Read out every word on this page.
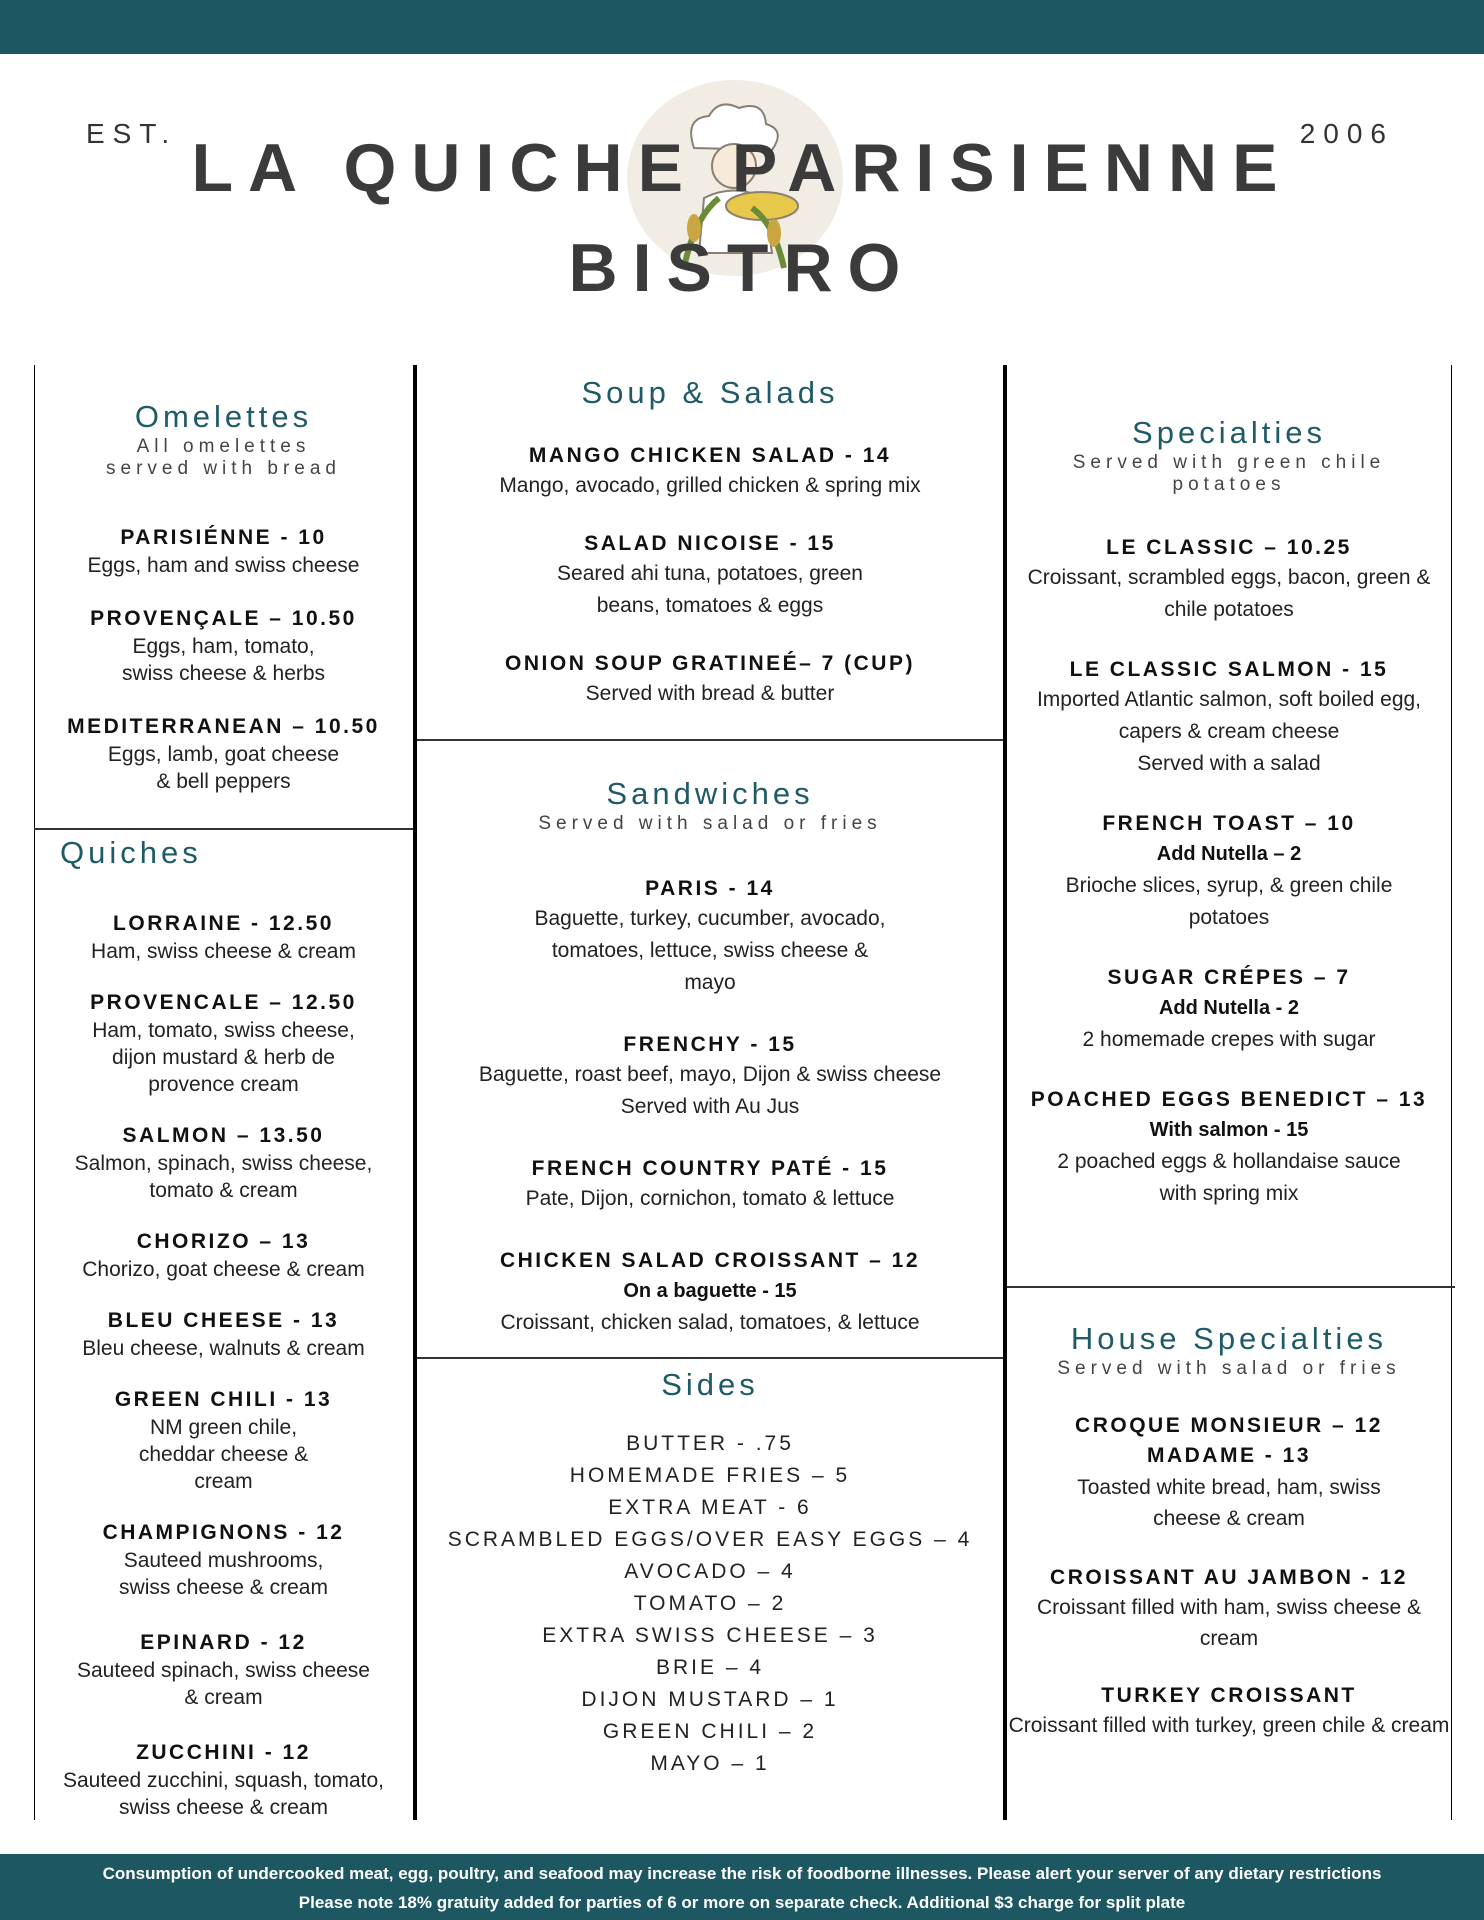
EST.	2006

LA QUICHE PARISIENNE

BISTRO

Omelettes

All omelettes served with bread

PARISIÉNNE - 10
Eggs, ham and swiss cheese
PROVENÇALE – 10.50
Eggs, ham, tomato, swiss cheese & herbs
MEDITERRANEAN – 10.50
Eggs, lamb, goat cheese & bell peppers
Quiches
LORRAINE - 12.50
Ham, swiss cheese & cream
PROVENCALE – 12.50
Ham, tomato, swiss cheese, dijon mustard & herb de provence cream
SALMON – 13.50
Salmon, spinach, swiss cheese, tomato & cream
CHORIZO – 13
Chorizo, goat cheese & cream
BLEU CHEESE - 13
Bleu cheese, walnuts & cream
GREEN CHILI - 13
NM green chile, cheddar cheese & cream
CHAMPIGNONS - 12
Sauteed mushrooms, swiss cheese & cream
EPINARD - 12
Sauteed spinach, swiss cheese & cream
ZUCCHINI - 12
Sauteed zucchini, squash, tomato, swiss cheese & cream
Soup & Salads
MANGO CHICKEN SALAD - 14
Mango, avocado, grilled chicken & spring mix
SALAD NICOISE - 15
Seared ahi tuna, potatoes, green beans, tomatoes & eggs
ONION SOUP GRATINEÉ– 7 (CUP)
Served with bread & butter
Sandwiches

Served with salad or fries

PARIS - 14
Baguette, turkey, cucumber, avocado, tomatoes, lettuce, swiss cheese & mayo
FRENCHY - 15
Baguette, roast beef, mayo, Dijon & swiss cheese
Served with Au Jus
FRENCH COUNTRY PATÉ - 15
Pate, Dijon, cornichon, tomato & lettuce
CHICKEN SALAD CROISSANT – 12
On a baguette - 15
Croissant, chicken salad, tomatoes, & lettuce
Sides
BUTTER - .75
HOMEMADE FRIES – 5
EXTRA MEAT - 6
SCRAMBLED EGGS/OVER EASY EGGS – 4
AVOCADO – 4
TOMATO – 2
EXTRA SWISS CHEESE – 3
BRIE – 4
DIJON MUSTARD – 1
GREEN CHILI – 2
MAYO – 1
Specialties

Served with green chile potatoes

LE CLASSIC – 10.25
Croissant, scrambled eggs, bacon, green & chile potatoes
LE CLASSIC SALMON - 15
Imported Atlantic salmon, soft boiled egg, capers & cream cheese
Served with a salad
FRENCH TOAST – 10
Add Nutella – 2
Brioche slices, syrup, & green chile potatoes
SUGAR CRÉPES – 7
Add Nutella - 2
2 homemade crepes with sugar
POACHED EGGS BENEDICT – 13
With salmon - 15
2 poached eggs & hollandaise sauce with spring mix
House Specialties

Served with salad or fries

CROQUE MONSIEUR – 12
MADAME - 13
Toasted white bread, ham, swiss cheese & cream
CROISSANT AU JAMBON - 12
Croissant filled with ham, swiss cheese & cream
TURKEY CROISSANT
Croissant filled with turkey, green chile & cream
Consumption of undercooked meat, egg, poultry, and seafood may increase the risk of foodborne illnesses. Please alert your server of any dietary restrictions
Please note 18% gratuity added for parties of 6 or more on separate check. Additional $3 charge for split plate
